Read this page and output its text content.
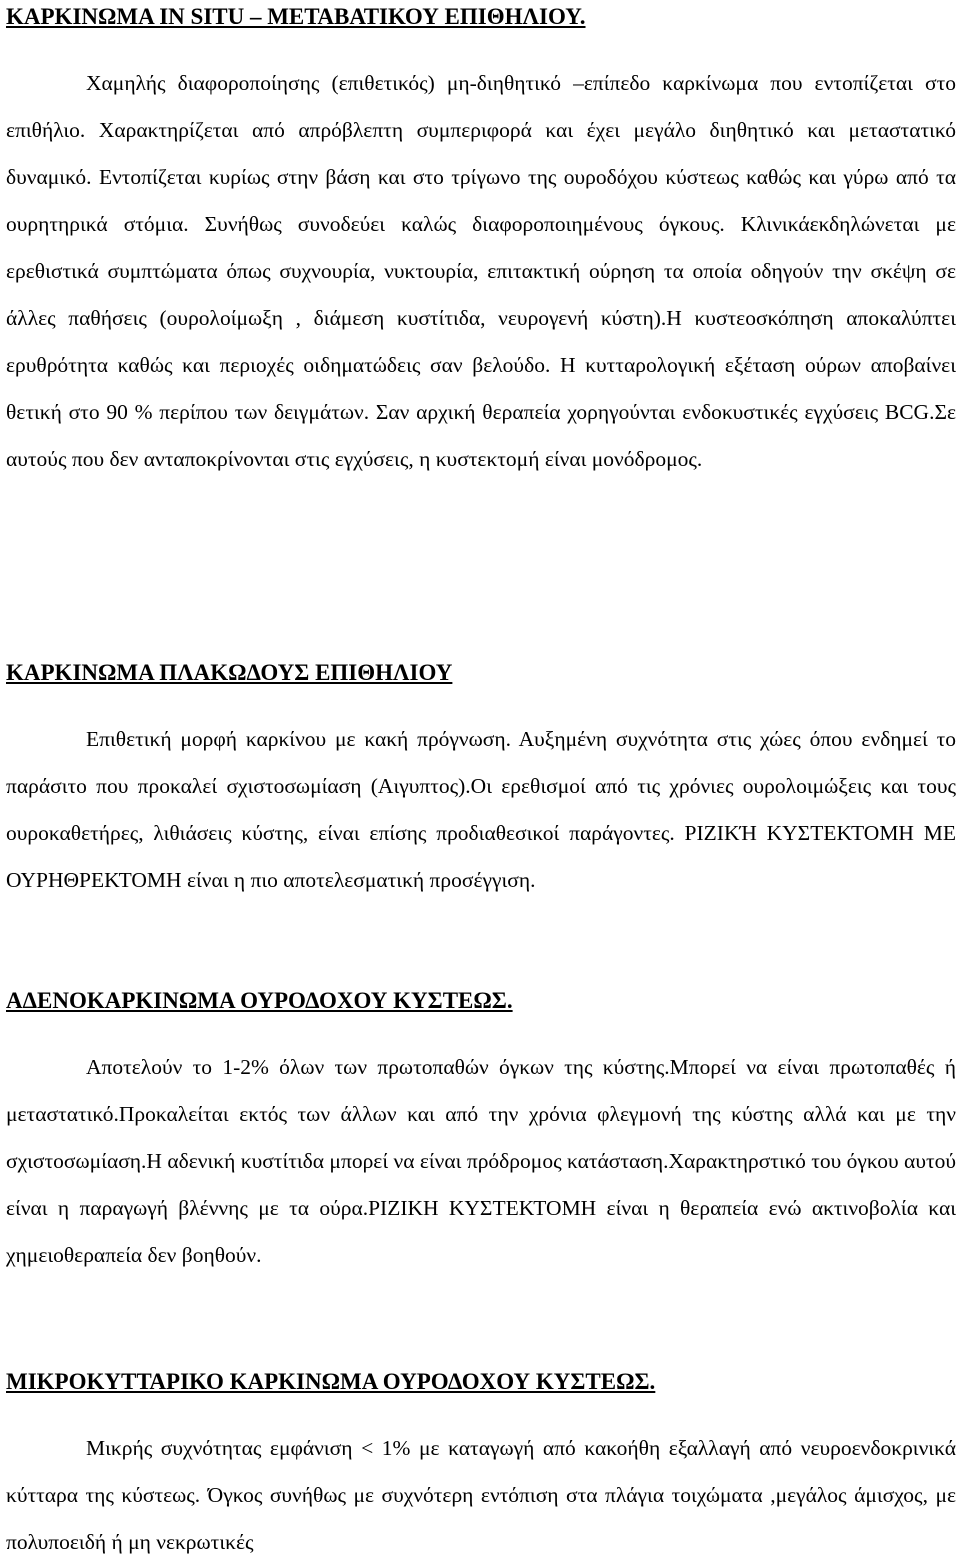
ΚΑΡΚΙΝΩΜΑ IN SITU – ΜΕΤΑΒΑΤΙΚΟΥ ΕΠΙΘΗΛΙΟΥ.

Χαμηλής διαφοροποίησης (επιθετικός) μη-διηθητικό –επίπεδο καρκίνωμα που εντοπίζεται στο επιθήλιο. Χαρακτηρίζεται από απρόβλεπτη συμπεριφορά και έχει μεγάλο διηθητικό και μεταστατικό δυναμικό. Εντοπίζεται κυρίως στην βάση και στο τρίγωνο της ουροδόχου κύστεως καθώς και γύρω από τα ουρητηρικά στόμια. Συνήθως συνοδεύει καλώς διαφοροποιημένους όγκους. Κλινικάεκδηλώνεται με ερεθιστικά συμπτώματα όπως συχνουρία, νυκτουρία, επιτακτική ούρηση τα οποία οδηγούν την σκέψη σε άλλες παθήσεις (ουρολοίμωξη , διάμεση κυστίτιδα, νευρογενή κύστη).Η κυστεοσκόπηση αποκαλύπτει ερυθρότητα καθώς και περιοχές οιδηματώδεις σαν βελούδο. Η κυτταρολογική εξέταση ούρων αποβαίνει θετική στο 90 % περίπου των δειγμάτων. Σαν αρχική θεραπεία χορηγούνται ενδοκυστικές εγχύσεις BCG.Σε αυτούς που δεν ανταποκρίνονται στις εγχύσεις, η κυστεκτομή είναι μονόδρομος.

ΚΑΡΚΙΝΩΜΑ ΠΛΑΚΩΔΟΥΣ ΕΠΙΘΗΛΙΟΥ

Επιθετική μορφή καρκίνου με κακή πρόγνωση. Αυξημένη συχνότητα στις χώες όπου ενδημεί το παράσιτο που προκαλεί σχιστοσωμίαση (Αιγυπτος).Οι ερεθισμοί από τις χρόνιες ουρολοιμώξεις και τους ουροκαθετήρες, λιθιάσεις κύστης, είναι επίσης προδιαθεσικοί παράγοντες. ΡΙΖΙΚΉ ΚΥΣΤΕΚΤΟΜΗ ΜΕ ΟΥΡΗΘΡΕΚΤΟΜΗ είναι η πιο αποτελεσματική προσέγγιση.

ΑΔΕΝΟΚΑΡΚΙΝΩΜΑ ΟΥΡΟΔΟΧΟΥ ΚΥΣΤΕΩΣ.

Αποτελούν το 1-2% όλων των πρωτοπαθών όγκων της κύστης.Μπορεί να είναι πρωτοπαθές ή μεταστατικό.Προκαλείται εκτός των άλλων και από την χρόνια φλεγμονή της κύστης αλλά και με την σχιστοσωμίαση.Η αδενική κυστίτιδα μπορεί να είναι πρόδρομος κατάσταση.Χαρακτηρστικό του όγκου αυτού είναι η παραγωγή βλέννης με τα ούρα.ΡΙΖΙΚΗ ΚΥΣΤΕΚΤΟΜΗ είναι η θεραπεία ενώ ακτινοβολία και χημειοθεραπεία δεν βοηθούν.

ΜΙΚΡΟΚΥΤΤΑΡΙΚΟ ΚΑΡΚΙΝΩΜΑ ΟΥΡΟΔΟΧΟΥ ΚΥΣΤΕΩΣ.

Μικρής συχνότητας εμφάνιση < 1% με καταγωγή από κακοήθη εξαλλαγή από νευροενδοκρινικά κύτταρα της κύστεως. Όγκος συνήθως με συχνότερη εντόπιση στα πλάγια τοιχώματα ,μεγάλος άμισχος, με πολυποειδή ή μη νεκρωτικές
